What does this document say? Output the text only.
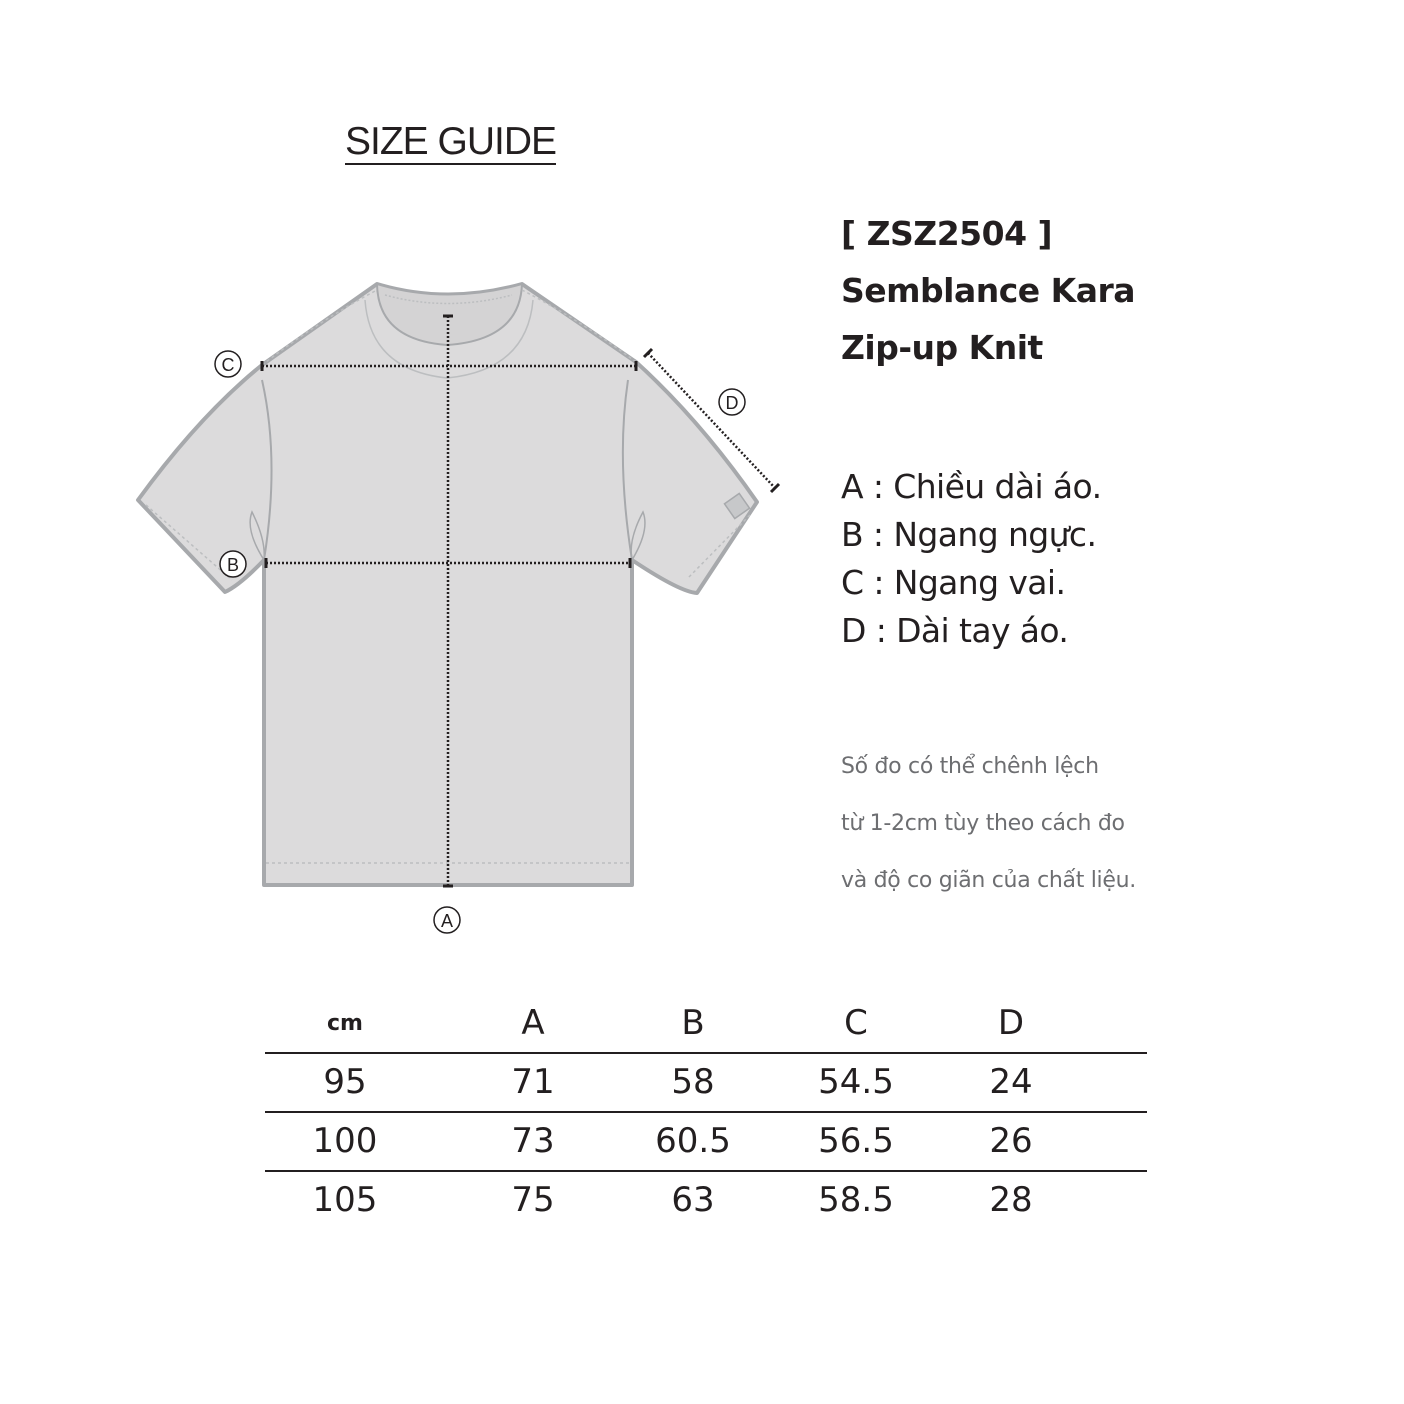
SIZE GUIDE
C
D
B
A
[ ZSZ2504 ]
Semblance Kara
Zip-up Knit
A : Chiều dài áo.
B : Ngang ngực.
C : Ngang vai.
D : Dài tay áo.
Số đo có thể chênh lệch
từ 1-2cm tùy theo cách đo
và độ co giãn của chất liệu.
cm	A	B	C	D
95	71	58	54.5	24
100	73	60.5	56.5	26
105	75	63	58.5	28
